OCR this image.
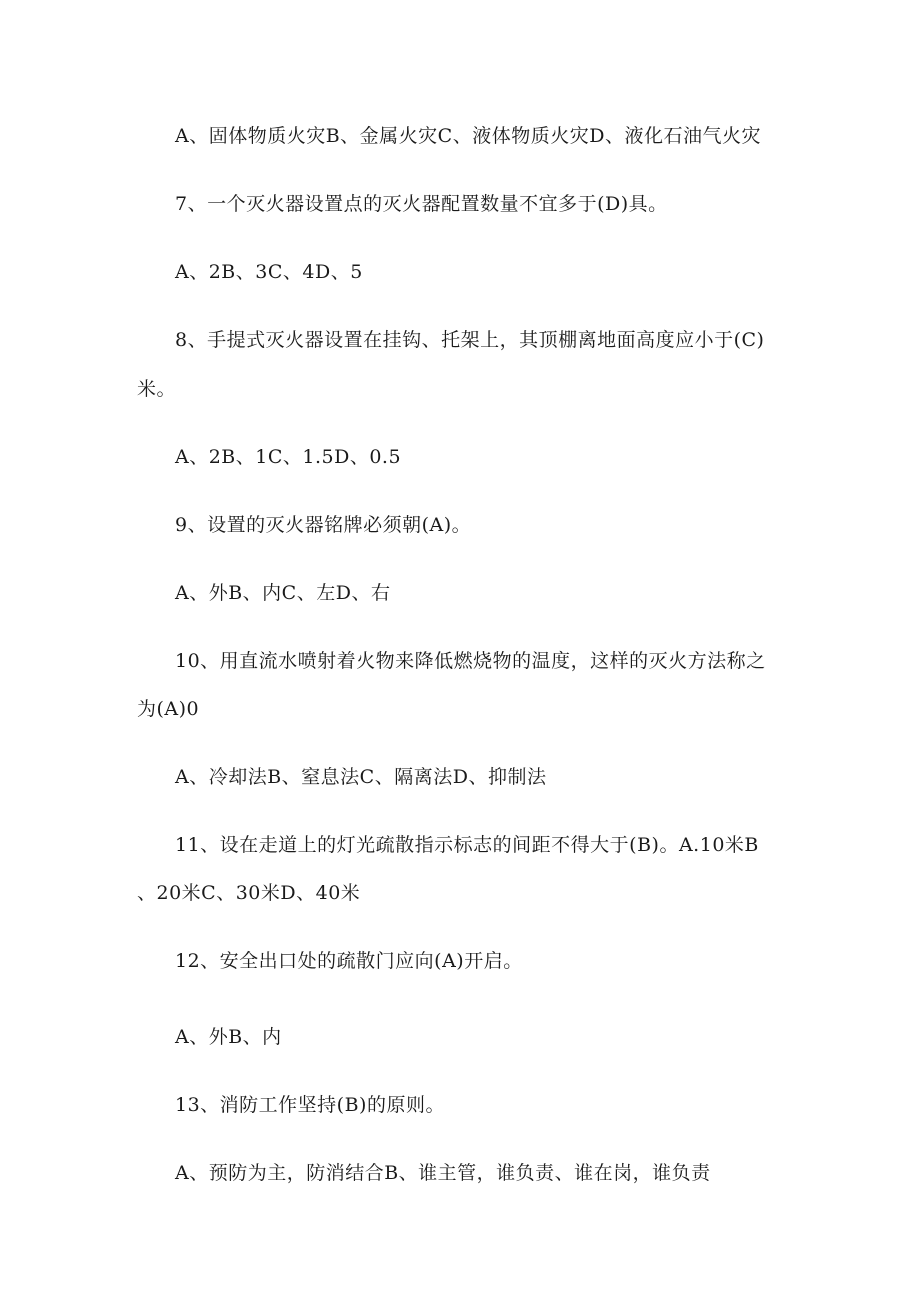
A、固体物质火灾B、金属火灾C、液体物质火灾D、液化石油气火灾
7、一个灭火器设置点的灭火器配置数量不宜多于(D)具。
A、2B、3C、4D、5
8、手提式灭火器设置在挂钩、托架上，其顶棚离地面高度应小于(C)
米。
A、2B、1C、1.5D、0.5
9、设置的灭火器铭牌必须朝(A)。
A、外B、内C、左D、右
10、用直流水喷射着火物来降低燃烧物的温度，这样的灭火方法称之
为(A)0
A、冷却法B、窒息法C、隔离法D、抑制法
11、设在走道上的灯光疏散指示标志的间距不得大于(B)。A.10米B
、20米C、30米D、40米
12、安全出口处的疏散门应向(A)开启。
A、外B、内
13、消防工作坚持(B)的原则。
A、预防为主，防消结合B、谁主管，谁负责、谁在岗，谁负责
